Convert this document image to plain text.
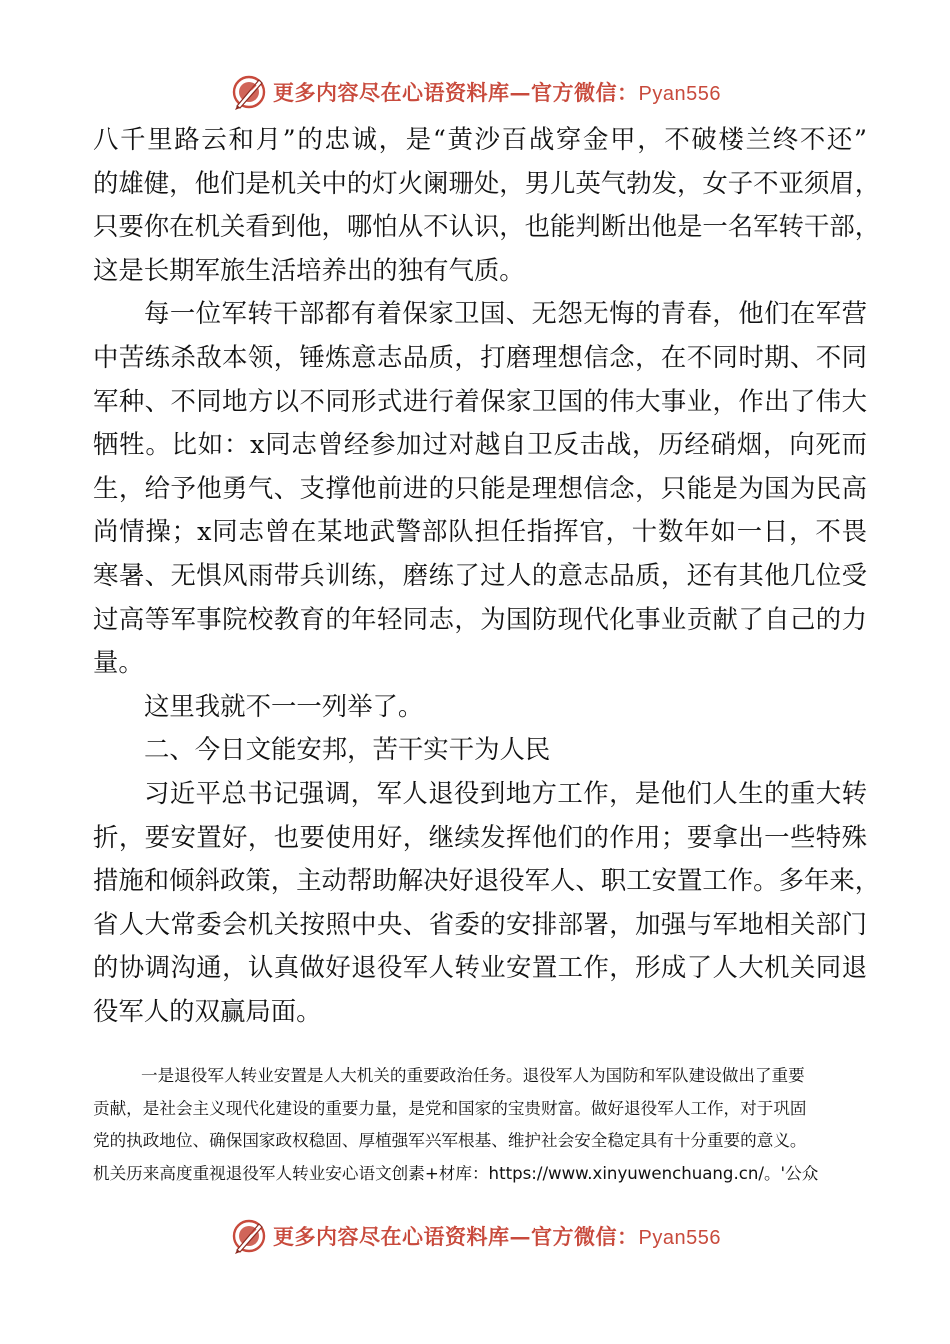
更多内容尽在心语资料库—官方微信：Pyan556
八千里路云和月”的忠诚，是“黄沙百战穿金甲，不破楼兰终不还”
的雄健，他们是机关中的灯火阑珊处，男儿英气勃发，女子不亚须眉，
只要你在机关看到他，哪怕从不认识，也能判断出他是一名军转干部，
这是长期军旅生活培养出的独有气质。
每一位军转干部都有着保家卫国、无怨无悔的青春，他们在军营
中苦练杀敌本领，锤炼意志品质，打磨理想信念，在不同时期、不同
军种、不同地方以不同形式进行着保家卫国的伟大事业，作出了伟大
牺牲。比如：x同志曾经参加过对越自卫反击战，历经硝烟，向死而
生，给予他勇气、支撑他前进的只能是理想信念，只能是为国为民高
尚情操；x同志曾在某地武警部队担任指挥官，十数年如一日，不畏
寒暑、无惧风雨带兵训练，磨练了过人的意志品质，还有其他几位受
过高等军事院校教育的年轻同志，为国防现代化事业贡献了自己的力
量。
这里我就不一一列举了。
二、今日文能安邦，苦干实干为人民
习近平总书记强调，军人退役到地方工作，是他们人生的重大转
折，要安置好，也要使用好，继续发挥他们的作用；要拿出一些特殊
措施和倾斜政策，主动帮助解决好退役军人、职工安置工作。多年来，
省人大常委会机关按照中央、省委的安排部署，加强与军地相关部门
的协调沟通，认真做好退役军人转业安置工作，形成了人大机关同退
役军人的双赢局面。
一是退役军人转业安置是人大机关的重要政治任务。退役军人为国防和军队建设做出了重要
贡献，是社会主义现代化建设的重要力量，是党和国家的宝贵财富。做好退役军人工作，对于巩固
党的执政地位、确保国家政权稳固、厚植强军兴军根基、维护社会安全稳定具有十分重要的意义。
机关历来高度重视退役军人转业安心语文创素+材库：https://www.xinyuwenchuang.cn/。'公众
更多内容尽在心语资料库—官方微信：Pyan556
